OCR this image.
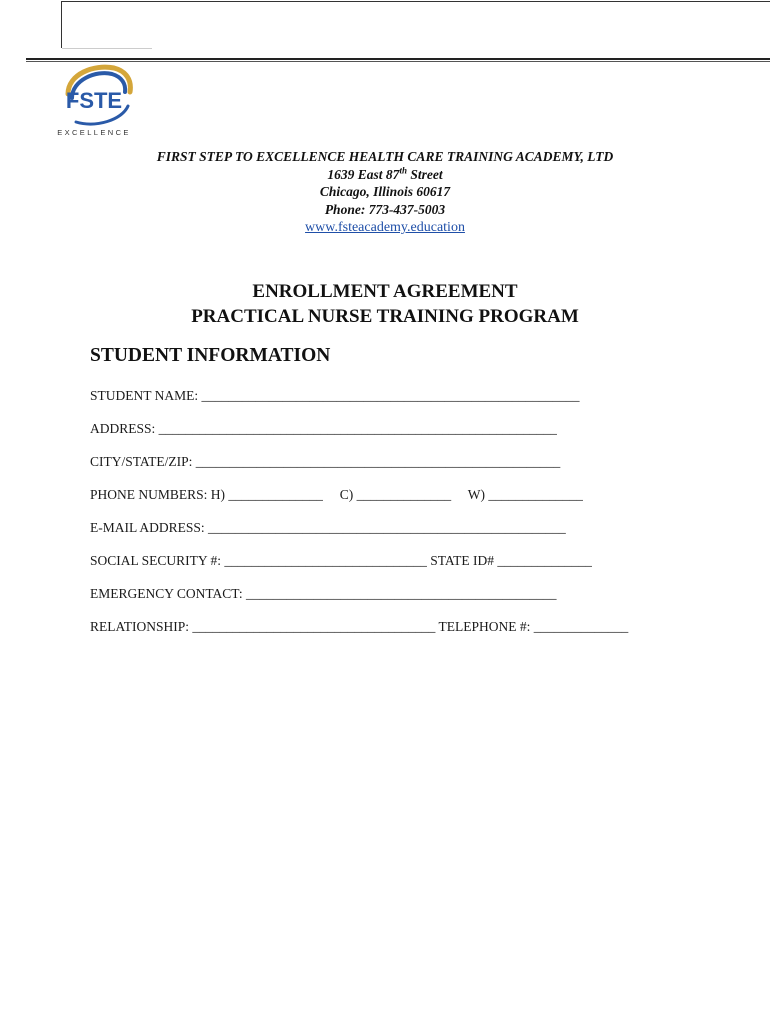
FSTE
EXCELLENCE
FIRST STEP TO EXCELLENCE HEALTH CARE TRAINING ACADEMY, LTD
1639 East 87th Street
Chicago, Illinois 60617
Phone: 773-437-5003
www.fsteacademy.education
ENROLLMENT AGREEMENT
PRACTICAL NURSE TRAINING PROGRAM
STUDENT INFORMATION
STUDENT NAME: ________________________________________________________
ADDRESS: ___________________________________________________________
CITY/STATE/ZIP: ______________________________________________________
PHONE NUMBERS: H) ______________     C) ______________     W) ______________
E-MAIL ADDRESS: _____________________________________________________
SOCIAL SECURITY #: ______________________________ STATE ID# ______________
EMERGENCY CONTACT: ______________________________________________
RELATIONSHIP: ____________________________________ TELEPHONE #: ______________
